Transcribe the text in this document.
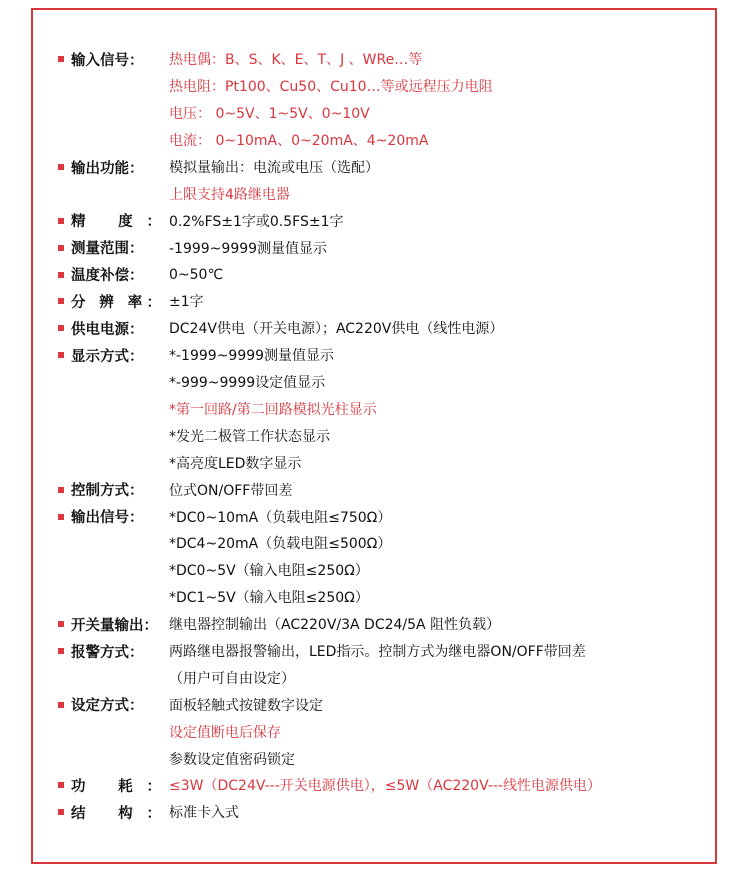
输入信号：	热电偶：B、S、K、E、T、J 、WRe…等
热电阻：Pt100、Cu50、Cu10…等或远程压力电阻
电压： 0~5V、1~5V、0~10V
电流： 0~10mA、0~20mA、4~20mA
输出功能：	模拟量输出：电流或电压（选配）
上限支持4路继电器
精 度： 0.2%FS±1字或0.5FS±1字
测量范围：	-1999~9999测量值显示
温度补偿：	0~50℃
分 辨 率： ±1字
供电电源：	DC24V供电（开关电源）；AC220V供电（线性电源）
显示方式：	*-1999~9999测量值显示
*-999~9999设定值显示
*第一回路/第二回路模拟光柱显示
*发光二极管工作状态显示
*高亮度LED数字显示
控制方式：	位式ON/OFF带回差
输出信号：	*DC0~10mA（负载电阻≤750Ω）
*DC4~20mA（负载电阻≤500Ω）
*DC0~5V（输入电阻≤250Ω）
*DC1~5V（输入电阻≤250Ω）
开关量输出： 继电器控制输出（AC220V/3A DC24/5A 阻性负载）
报警方式：	两路继电器报警输出，LED指示。控制方式为继电器ON/OFF带回差
（用户可自由设定）
设定方式：	面板轻触式按键数字设定
设定值断电后保存
参数设定值密码锁定
功 耗： ≤3W（DC24V---开关电源供电），≤5W（AC220V---线性电源供电）
结 构： 标准卡入式
